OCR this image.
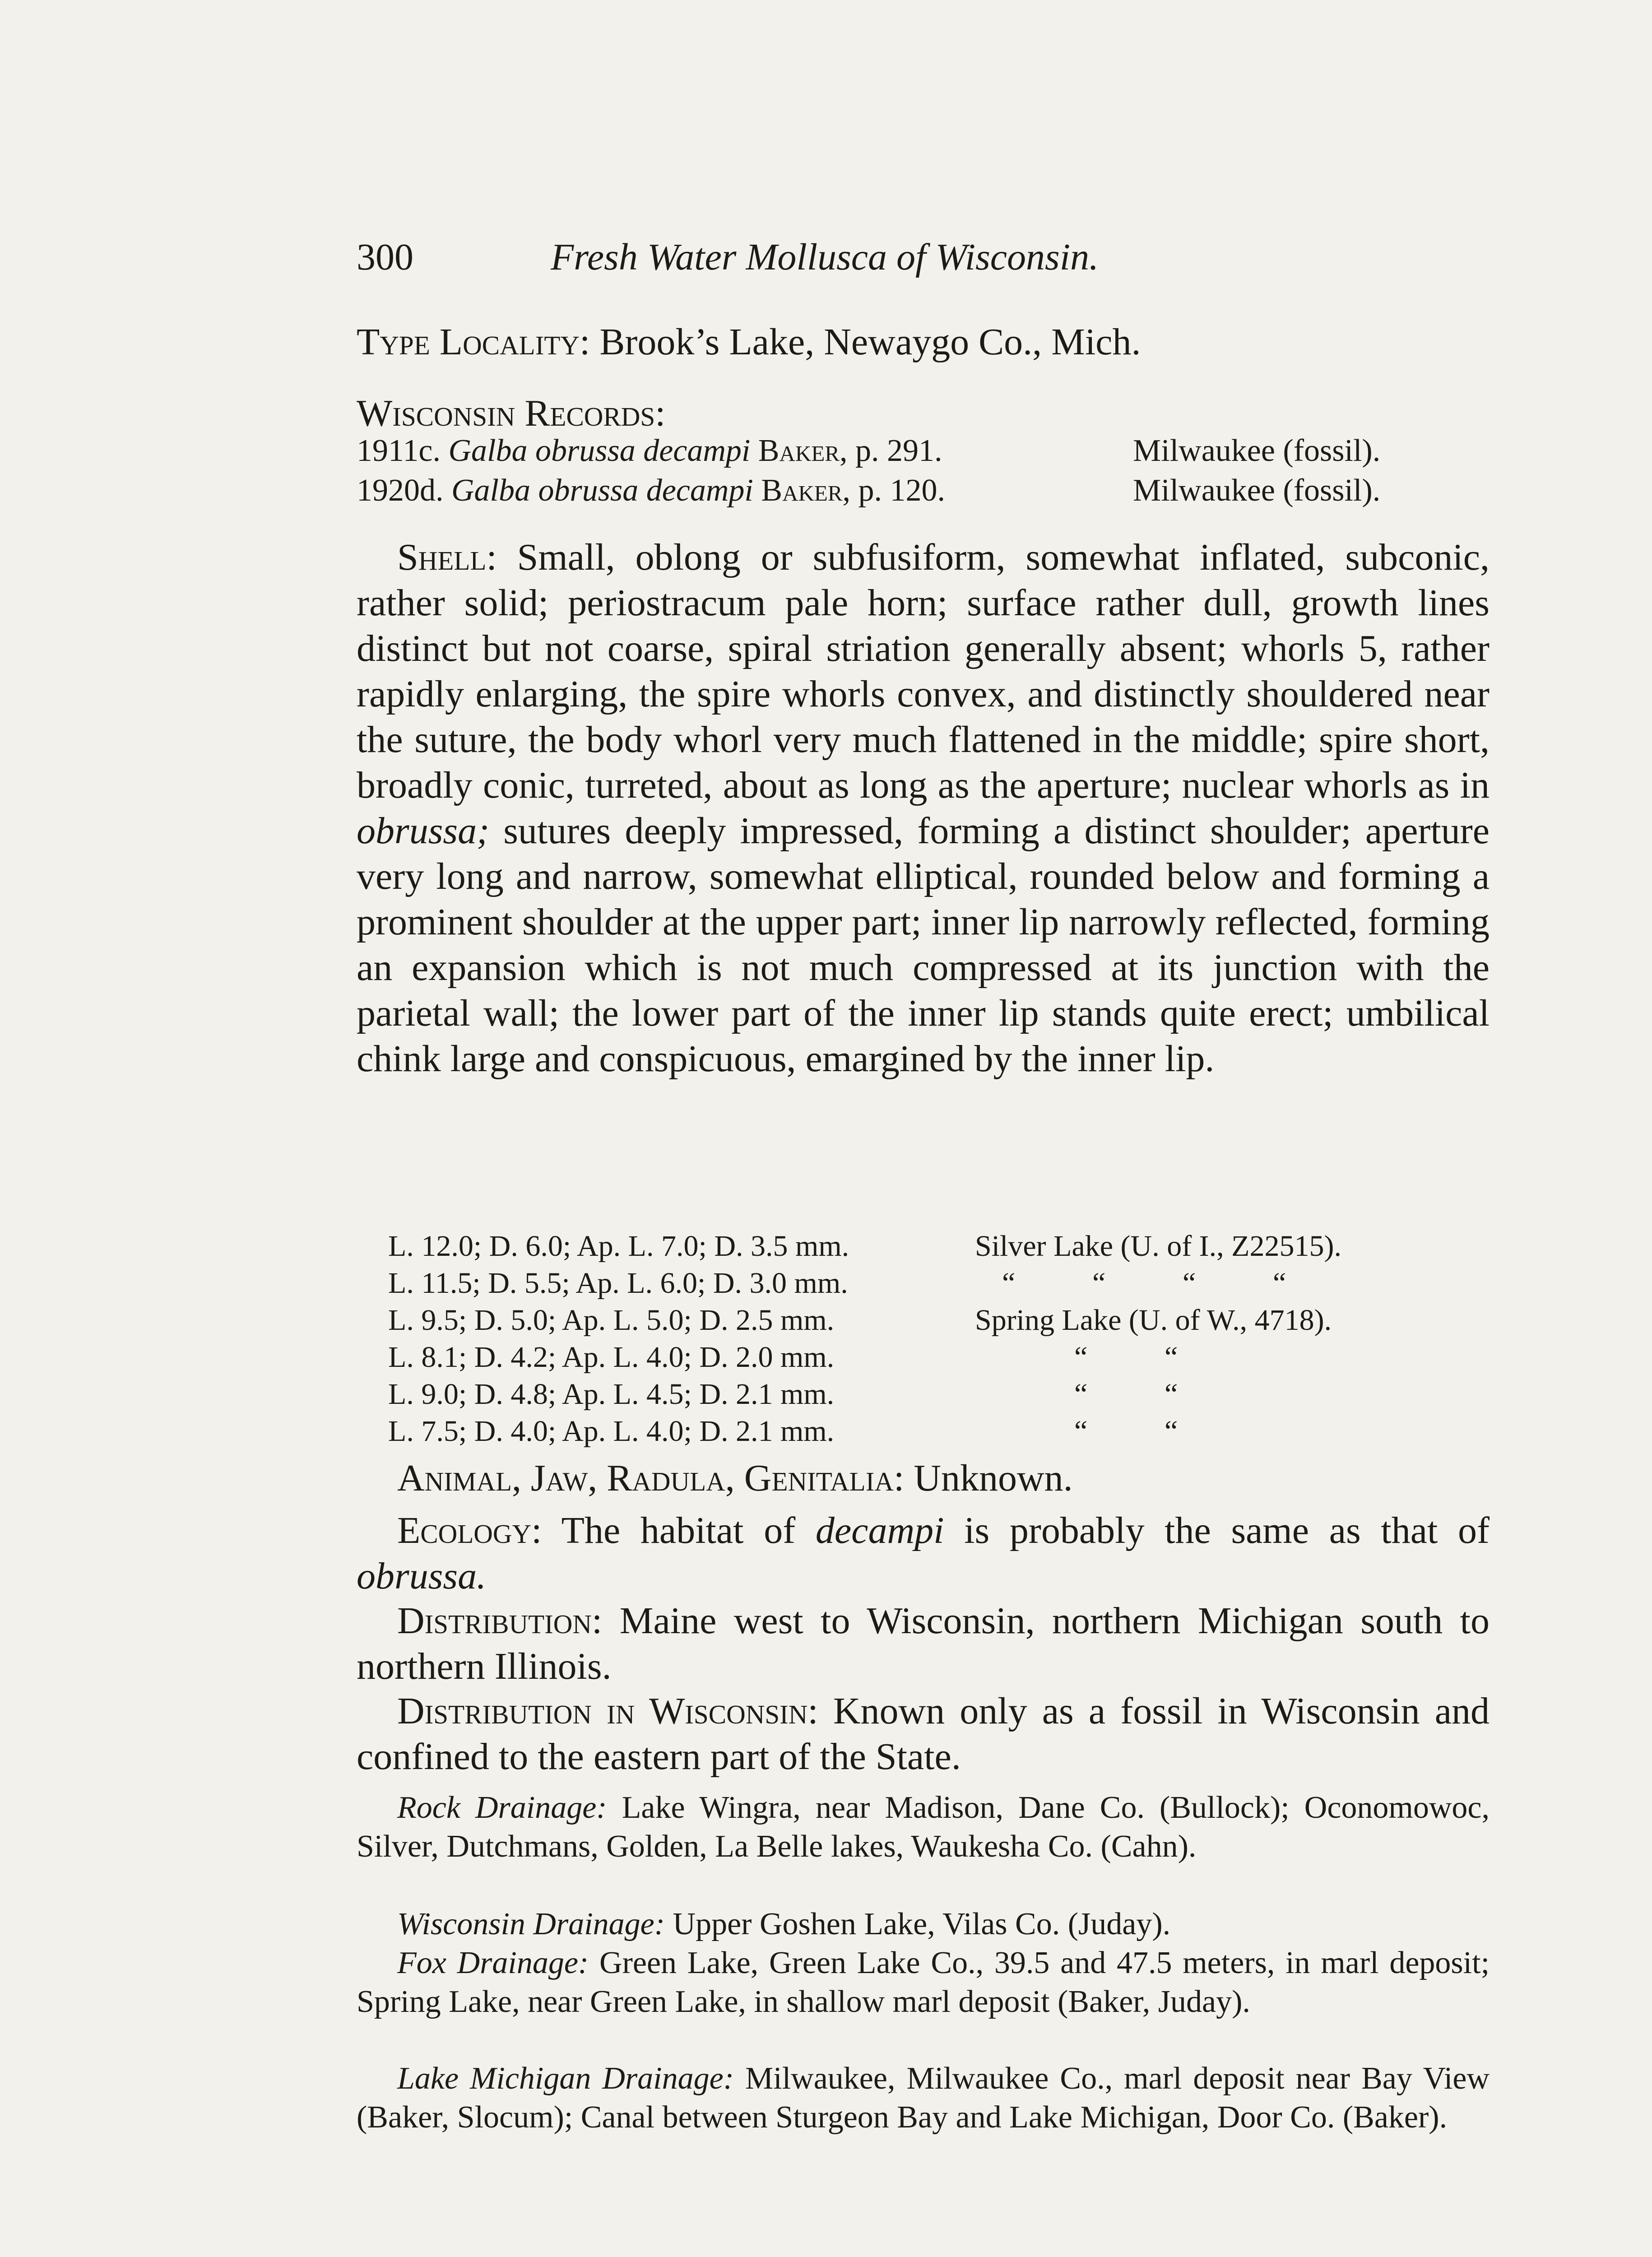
300	Fresh Water Mollusca of Wisconsin.
Type Locality: Brook’s Lake, Newaygo Co., Mich.
Wisconsin Records:
1911c. Galba obrussa decampi Baker, p. 291.	Milwaukee (fossil).
1920d. Galba obrussa decampi Baker, p. 120.	Milwaukee (fossil).
Shell: Small, oblong or subfusiform, somewhat inflated, subconic, rather solid; periostracum pale horn; surface rather dull, growth lines distinct but not coarse, spiral striation generally absent; whorls 5, rather rapidly enlarging, the spire whorls convex, and distinctly shouldered near the suture, the body whorl very much flattened in the middle; spire short, broadly conic, turreted, about as long as the aperture; nuclear whorls as in obrussa; sutures deeply impressed, forming a distinct shoulder; aperture very long and narrow, somewhat elliptical, rounded below and forming a prominent shoulder at the upper part; inner lip narrowly reflected, forming an expansion which is not much compressed at its junction with the parietal wall; the lower part of the inner lip stands quite erect; umbilical chink large and conspicuous, emargined by the inner lip.
L. 12.0; D. 6.0; Ap. L. 7.0; D. 3.5 mm.	Silver Lake (U. of I., Z22515).
L. 11.5; D. 5.5; Ap. L. 6.0; D. 3.0 mm.	“	“	“	“
L. 9.5; D. 5.0; Ap. L. 5.0; D. 2.5 mm.	Spring Lake (U. of W., 4718).
L. 8.1; D. 4.2; Ap. L. 4.0; D. 2.0 mm.	“	“
L. 9.0; D. 4.8; Ap. L. 4.5; D. 2.1 mm.	“	“
L. 7.5; D. 4.0; Ap. L. 4.0; D. 2.1 mm.	“	“
Animal, Jaw, Radula, Genitalia: Unknown.
Ecology: The habitat of decampi is probably the same as that of obrussa.
Distribution: Maine west to Wisconsin, northern Michigan south to northern Illinois.
Distribution in Wisconsin: Known only as a fossil in Wisconsin and confined to the eastern part of the State.
Rock Drainage: Lake Wingra, near Madison, Dane Co. (Bullock); Oconomowoc, Silver, Dutchmans, Golden, La Belle lakes, Waukesha Co. (Cahn).
Wisconsin Drainage: Upper Goshen Lake, Vilas Co. (Juday).
Fox Drainage: Green Lake, Green Lake Co., 39.5 and 47.5 meters, in marl deposit; Spring Lake, near Green Lake, in shallow marl deposit (Baker, Juday).
Lake Michigan Drainage: Milwaukee, Milwaukee Co., marl deposit near Bay View (Baker, Slocum); Canal between Sturgeon Bay and Lake Michigan, Door Co. (Baker).
